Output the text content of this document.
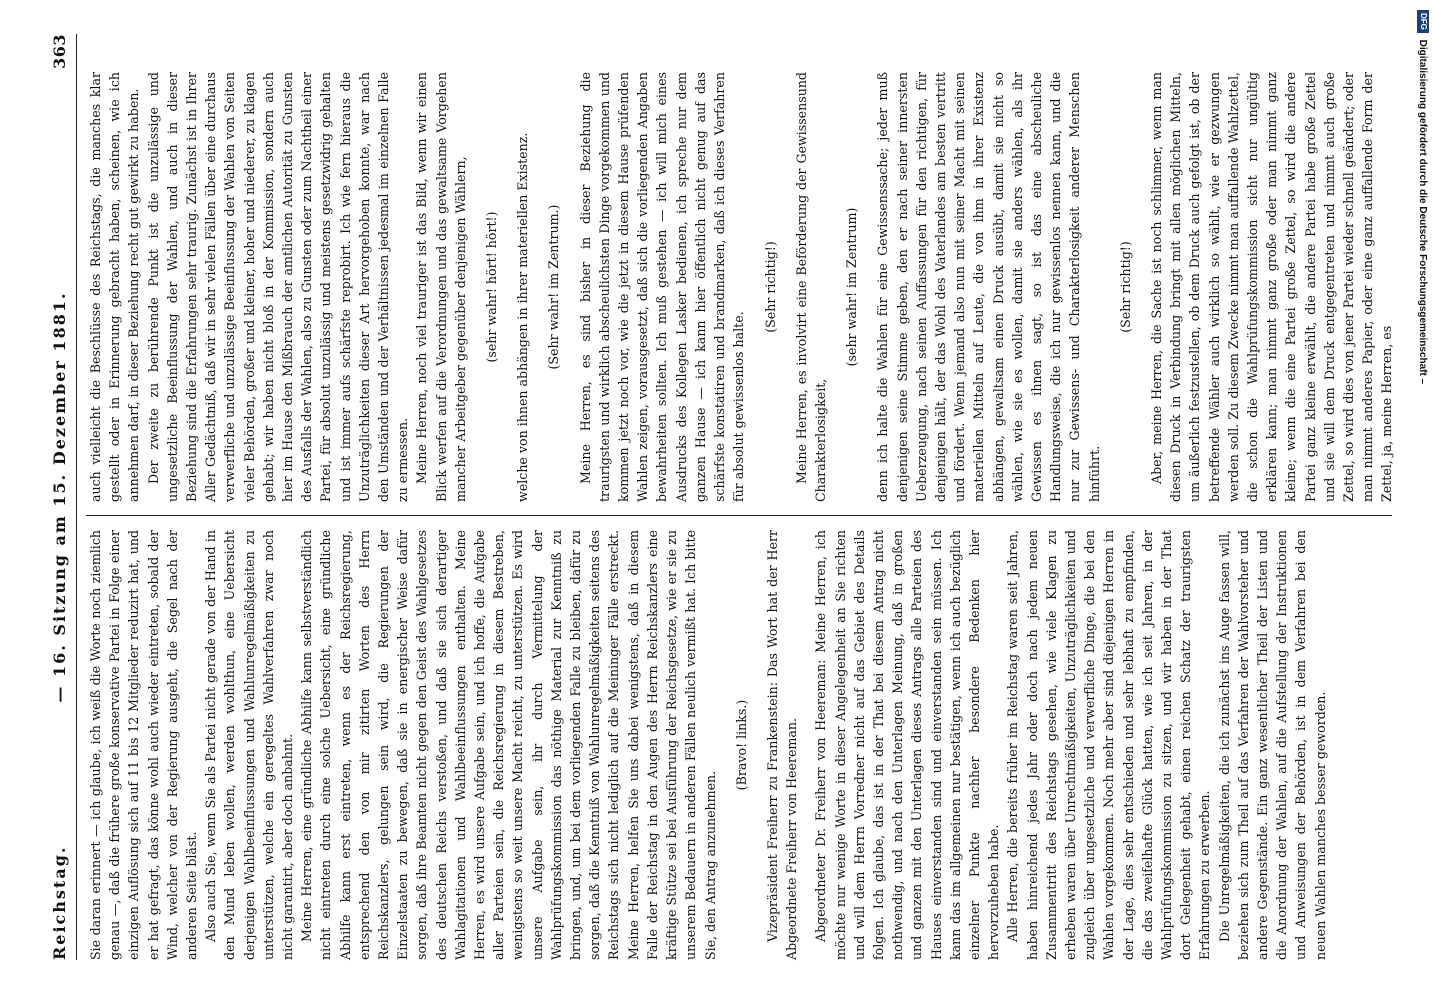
Reichstag.
— 16. Sitzung am 15. Dezember 1881.
363

Sie daran erinnert — ich glaube, ich weiß die Worte noch ziemlich genau —, daß die frühere große konservative Partei in Folge einer einzigen Auflösung sich auf 11 bis 12 Mitglieder reduzirt hat, und er hat gefragt, das könne wohl auch wieder eintreten, sobald der Wind, welcher von der Regierung ausgeht, die Segel nach der anderen Seite bläst. Also auch Sie, wenn Sie als Partei nicht gerade von der Hand in den Mund leben wollen, werden wohlthun, eine Uebersicht derjenigen Wahlbeeinflussungen und Wahlunregelmäßigkeiten zu unterstützen, welche ein geregeltes Wahlverfahren zwar noch nicht garantirt, aber doch anbahnt. Meine Herren, eine gründliche Abhilfe kann selbstverständlich nicht eintreten durch eine solche Uebersicht, eine gründliche Abhilfe kann erst eintreten, wenn es der Reichsregierung, entsprechend den von mir zitirten Worten des Herrn Reichskanzlers, gelungen sein wird, die Regierungen der Einzelstaaten zu bewegen, daß sie in energischer Weise dafür sorgen, daß ihre Beamten nicht gegen den Geist des Wahlgesetzes des deutschen Reichs verstoßen, und daß sie sich derartiger Wahlagitationen und Wahlbeeinflussungen enthalten. Meine Herren, es wird unsere Aufgabe sein, und ich hoffe, die Aufgabe aller Parteien sein, die Reichsregierung in diesem Bestreben, wenigstens so weit unsere Macht reicht, zu unterstützen. Es wird unsere Aufgabe sein, ihr durch Vermittelung der Wahlprüfungskommission das nöthige Material zur Kenntniß zu bringen, und, um bei dem vorliegenden Falle zu bleiben, dafür zu sorgen, daß die Kenntniß von Wahlunregelmäßigkeiten seitens des Reichstags sich nicht lediglich auf die Meininger Fälle erstreckt. Meine Herren, helfen Sie uns dabei wenigstens, daß in diesem Falle der Reichstag in den Augen des Herrn Reichskanzlers eine kräftige Stütze sei bei Ausführung der Reichsgesetze, wie er sie zu unserem Bedauern in anderen Fällen neulich vermißt hat. Ich bitte Sie, den Antrag anzunehmen.

(Bravo! links.) Vizepräsident Freiherr zu Frankenstein: Das Wort hat der Herr Abgeordnete Freiherr von Heereman. Abgeordneter Dr. Freiherr von Heereman: Meine Herren, ich möchte nur wenige Worte in dieser Angelegenheit an Sie richten und will dem Herrn Vorredner nicht auf das Gebiet des Details folgen. Ich glaube, das ist in der That bei diesem Antrag nicht nothwendig, und nach den Unterlagen Meinung, daß in großen und ganzen mit den Unterlagen dieses Antrags alle Parteien des Hauses einverstanden sind und einverstanden sein müssen. Ich kann das im allgemeinen nur bestätigen, wenn ich auch bezüglich einzelner Punkte nachher besondere Bedenken hier hervorzuheben habe. Alle Herren, die bereits früher im Reichstag waren seit Jahren, haben hinreichend jedes Jahr oder doch nach jedem neuen Zusammentritt des Reichstags gesehen, wie viele Klagen zu erheben waren über Unrechtmäßigkeiten, Unzuträglichkeiten und zugleich über ungesetzliche und verwerfliche Dinge, die bei den Wahlen vorgekommen. Noch mehr aber sind diejenigen Herren in der Lage, dies sehr entschieden und sehr lebhaft zu empfinden, die das zweifelhafte Glück hatten, wie ich seit Jahren, in der Wahlprüfungskommission zu sitzen, und wir haben in der That dort Gelegenheit gehabt, einen reichen Schatz der traurigsten Erfahrungen zu erwerben. Die Unregelmäßigkeiten, die ich zunächst ins Auge fassen will, beziehen sich zum Theil auf das Verfahren der Wahlvorsteher und andere Gegenstände. Ein ganz wesentlicher Theil der Listen und die Anordnung der Wahlen, auf die Aufstellung der Instruktionen und Anweisungen der Behörden, ist in dem Verfahren bei den neuen Wahlen manches besser geworden.

auch vielleicht die Beschlüsse des Reichstags, die manches klar gestellt oder in Erinnerung gebracht haben, scheinen, wie ich annehmen darf, in dieser Beziehung recht gut gewirkt zu haben. Der zweite zu berührende Punkt ist die unzulässige und ungesetzliche Beeinflussung der Wahlen, und auch in dieser Beziehung sind die Erfahrungen sehr traurig. Zunächst ist in Ihrer Aller Gedächtniß, daß wir in sehr vielen Fällen über eine durchaus verwerfliche und unzulässige Beeinflussung der Wahlen von Seiten vieler Behörden, großer und kleiner, hoher und niederer, zu klagen gehabt; wir haben nicht bloß in der Kommission, sondern auch hier im Hause den Mißbrauch der amtlichen Autorität zu Gunsten des Ausfalls der Wahlen, also zu Gunsten oder zum Nachtheil einer Partei, für absolut unzulässig und meistens gesetzwidrig gehalten und ist immer aufs schärfste reprobirt. Ich wie fern hieraus die Unzuträglichkeiten dieser Art hervorgehoben konnte, war nach den Umständen und der Verhältnissen jedesmal im einzelnen Falle zu ermessen. Meine Herren, noch viel trauriger ist das Bild, wenn wir einen Blick werfen auf die Verordnungen und das gewaltsame Vorgehen mancher Arbeitgeber gegenüber denjenigen Wählern, (sehr wahr! hört! hört!) welche von ihnen abhängen in ihrer materiellen Existenz. (Sehr wahr! im Zentrum.) Meine Herren, es sind bisher in dieser Beziehung die traurigsten und wirklich abscheulichsten Dinge vorgekommen und kommen jetzt noch vor, wie die jetzt in diesem Hause prüfenden Wahlen zeigen, vorausgesetzt, daß sich die vorliegenden Angaben bewahrheiten sollten. Ich muß gestehen — ich will mich eines Ausdrucks des Kollegen Lasker bedienen, ich spreche nur dem ganzen Hause — ich kann hier öffentlich nicht genug auf das schärfste konstatiren und brandmarken, daß ich dieses Verfahren für absolut gewissenlos halte.

(Sehr richtig!) Meine Herren, es involvirt eine Beförderung der Gewissensund Charakterlosigkeit,

(sehr wahr! im Zentrum) denn ich halte die Wahlen für eine Gewissenssache; jeder muß denjenigen seine Stimme geben, den er nach seiner innersten Ueberzeugung, nach seinen Auffassungen für den richtigen, für denjenigen hält, der das Wohl des Vaterlandes am besten vertritt und fördert. Wenn jemand also nun mit seiner Macht mit seinen materiellen Mitteln auf Leute, die von ihm in ihrer Existenz abhängen, gewaltsam einen Druck ausübt, damit sie nicht so wählen, wie sie es wollen, damit sie anders wählen, als ihr Gewissen es ihnen sagt, so ist das eine abscheuliche Handlungsweise, die ich nur gewissenlos nennen kann, und die nur zur Gewissens- und Charakterlosigkeit anderer Menschen hinführt.

(Sehr richtig!) Aber, meine Herren, die Sache ist noch schlimmer, wenn man diesen Druck in Verbindung bringt mit allen möglichen Mitteln, um äußerlich festzustellen, ob dem Druck auch gefolgt ist, ob der betreffende Wähler auch wirklich so wählt, wie er gezwungen werden soll. Zu diesem Zwecke nimmt man auffallende Wahlzettel, die schon die Wahlprüfungskommission sicht nur ungültig erklären kann; man nimmt ganz große oder man nimmt ganz kleine; wenn die eine Partei große Zettel, so wird die andere Partei ganz kleine erwählt, die andere Partei habe große Zettel und sie will dem Druck entgegentreten und nimmt auch große Zettel, so wird dies von jener Partei wieder schnell geändert; oder man nimmt anderes Papier, oder eine ganz auffallende Form der Zettel, ja, meine Herren, es

DFG Digitalisierung gefördert durch die Deutsche Forschungsgemeinschaft –
